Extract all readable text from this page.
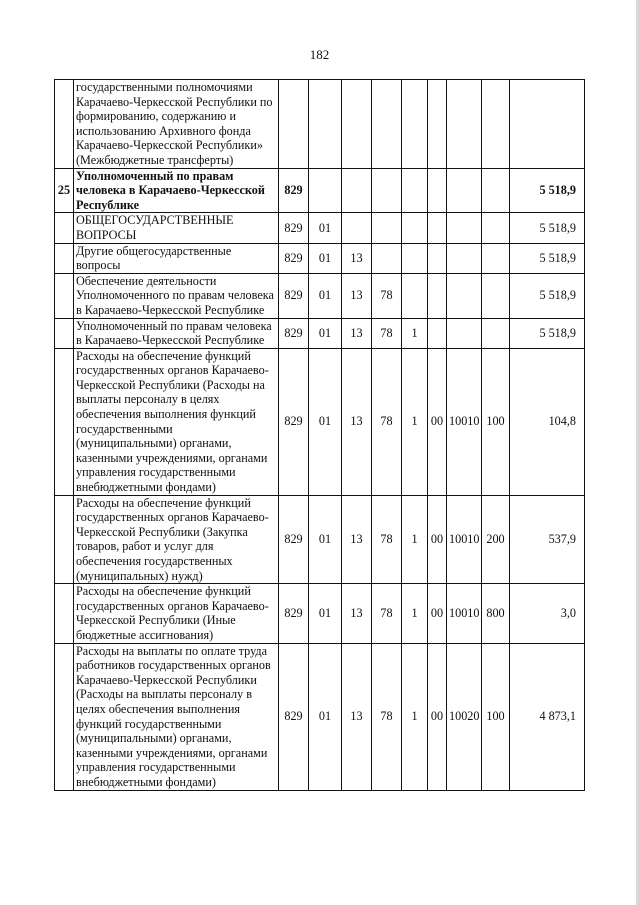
182
	государственными полномочиями Карачаево-Черкесской Республики по формированию, содержанию и использованию Архивного фонда Карачаево-Черкесской Республики» (Межбюджетные трансферты)									
25	Уполномоченный по правам человека в Карачаево-Черкесской Республике	829								5 518,9
	ОБЩЕГОСУДАРСТВЕННЫЕ ВОПРОСЫ	829	01							5 518,9
	Другие общегосударственные вопросы	829	01	13						5 518,9
	Обеспечение деятельности Уполномоченного по правам человека в Карачаево-Черкесской Республике	829	01	13	78					5 518,9
	Уполномоченный по правам человека в Карачаево-Черкесской Республике	829	01	13	78	1				5 518,9
	Расходы на обеспечение функций государственных органов Карачаево-Черкесской Республики (Расходы на выплаты персоналу в целях обеспечения выполнения функций государственными (муниципальными) органами, казенными учреждениями, органами управления государственными внебюджетными фондами)	829	01	13	78	1	00	10010	100	104,8
	Расходы на обеспечение функций государственных органов Карачаево-Черкесской Республики (Закупка товаров, работ и услуг для обеспечения государственных (муниципальных) нужд)	829	01	13	78	1	00	10010	200	537,9
	Расходы на обеспечение функций государственных органов Карачаево-Черкесской Республики (Иные бюджетные ассигнования)	829	01	13	78	1	00	10010	800	3,0
	Расходы на выплаты по оплате труда работников государственных органов Карачаево-Черкесской Республики (Расходы на выплаты персоналу в целях обеспечения выполнения функций государственными (муниципальными) органами, казенными учреждениями, органами управления государственными внебюджетными фондами)	829	01	13	78	1	00	10020	100	4 873,1
